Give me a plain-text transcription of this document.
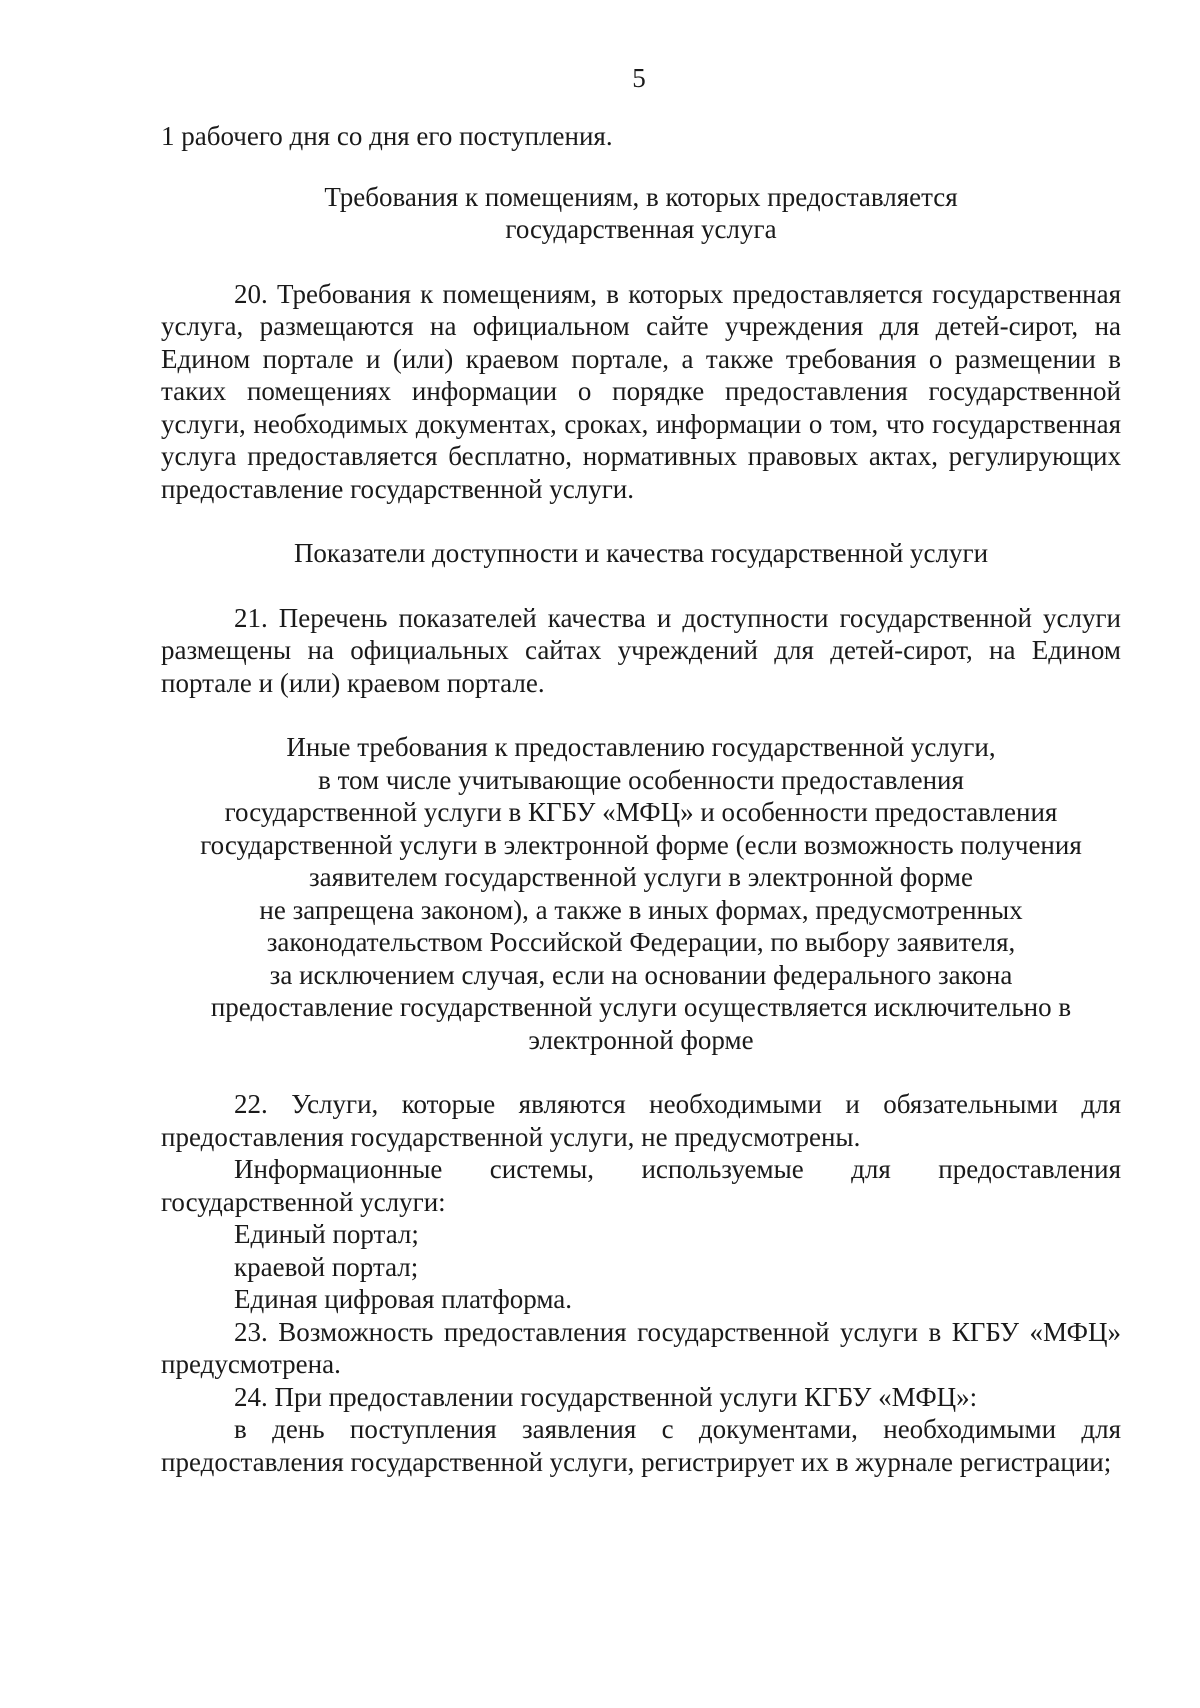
5

1 рабочего дня со дня его поступления.

Требования к помещениям, в которых предоставляется
государственная услуга

20. Требования к помещениям, в которых предоставляется государственная услуга, размещаются на официальном сайте учреждения для детей-сирот, на Едином портале и (или) краевом портале, а также требования о размещении в таких помещениях информации о порядке предоставления государственной услуги, необходимых документах, сроках, информации о том, что государственная услуга предоставляется бесплатно, нормативных правовых актах, регулирующих предоставление государственной услуги.

Показатели доступности и качества государственной услуги

21. Перечень показателей качества и доступности государственной услуги размещены на официальных сайтах учреждений для детей-сирот, на Едином портале и (или) краевом портале.

Иные требования к предоставлению государственной услуги,
в том числе учитывающие особенности предоставления
государственной услуги в КГБУ «МФЦ» и особенности предоставления
государственной услуги в электронной форме (если возможность получения
заявителем государственной услуги в электронной форме
не запрещена законом), а также в иных формах, предусмотренных
законодательством Российской Федерации, по выбору заявителя,
за исключением случая, если на основании федерального закона
предоставление государственной услуги осуществляется исключительно в
электронной форме

22. Услуги, которые являются необходимыми и обязательными для предоставления государственной услуги, не предусмотрены.

Информационные системы, используемые для предоставления государственной услуги:

Единый портал;

краевой портал;

Единая цифровая платформа.

23. Возможность предоставления государственной услуги в КГБУ «МФЦ» предусмотрена.

24. При предоставлении государственной услуги КГБУ «МФЦ»:

в день поступления заявления с документами, необходимыми для предоставления государственной услуги, регистрирует их в журнале регистрации;
